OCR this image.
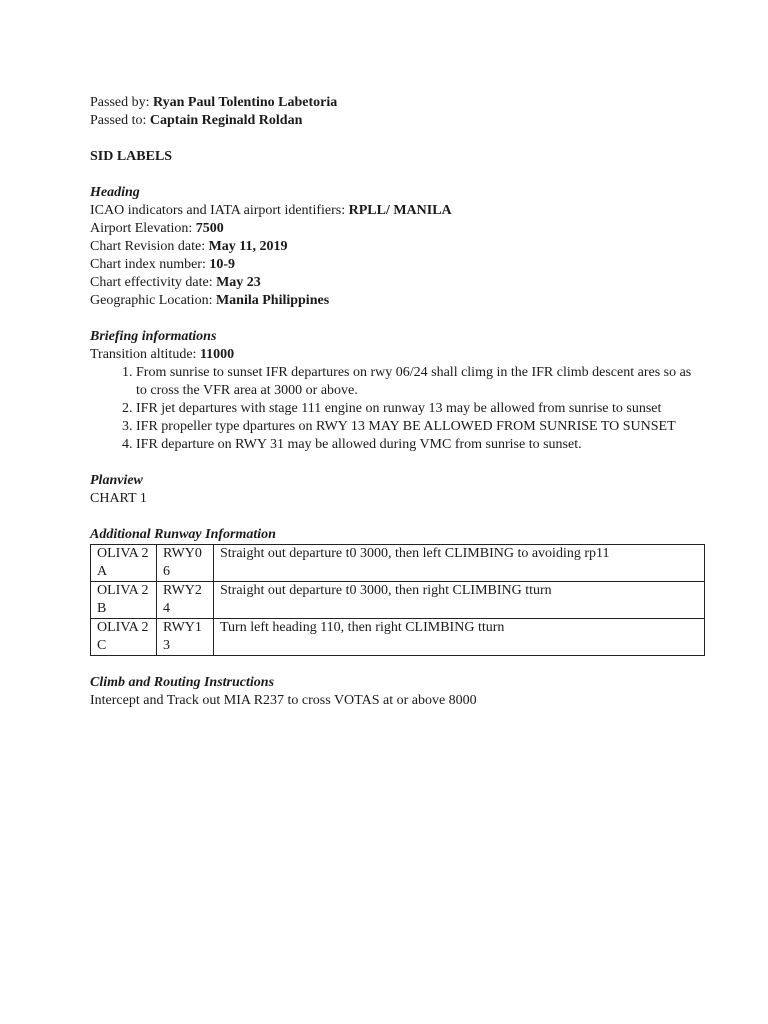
Passed by: Ryan Paul Tolentino Labetoria
Passed to: Captain Reginald Roldan
SID LABELS
Heading
ICAO indicators and IATA airport identifiers: RPLL/ MANILA
Airport Elevation: 7500
Chart Revision date: May 11, 2019
Chart index number: 10-9
Chart effectivity date: May 23
Geographic Location: Manila Philippines
Briefing informations
Transition altitude: 11000
1. From sunrise to sunset IFR departures on rwy 06/24 shall climg in the IFR climb descent ares so as to cross the VFR area at 3000 or above.
2. IFR jet departures with stage 111 engine on runway 13 may be allowed from sunrise to sunset
3. IFR propeller type dpartures on RWY 13 MAY BE ALLOWED FROM SUNRISE TO SUNSET
4. IFR departure on RWY 31 may be allowed during VMC from sunrise to sunset.
Planview
CHART 1
Additional Runway Information
OLIVA 2A	RWY06	Straight out departure t0 3000, then left CLIMBING to avoiding rp11
OLIVA 2B	RWY24	Straight out departure t0 3000, then right CLIMBING tturn
OLIVA 2C	RWY13	Turn left heading 110, then right CLIMBING tturn
Climb and Routing Instructions
Intercept and Track out MIA R237 to cross VOTAS at or above 8000
